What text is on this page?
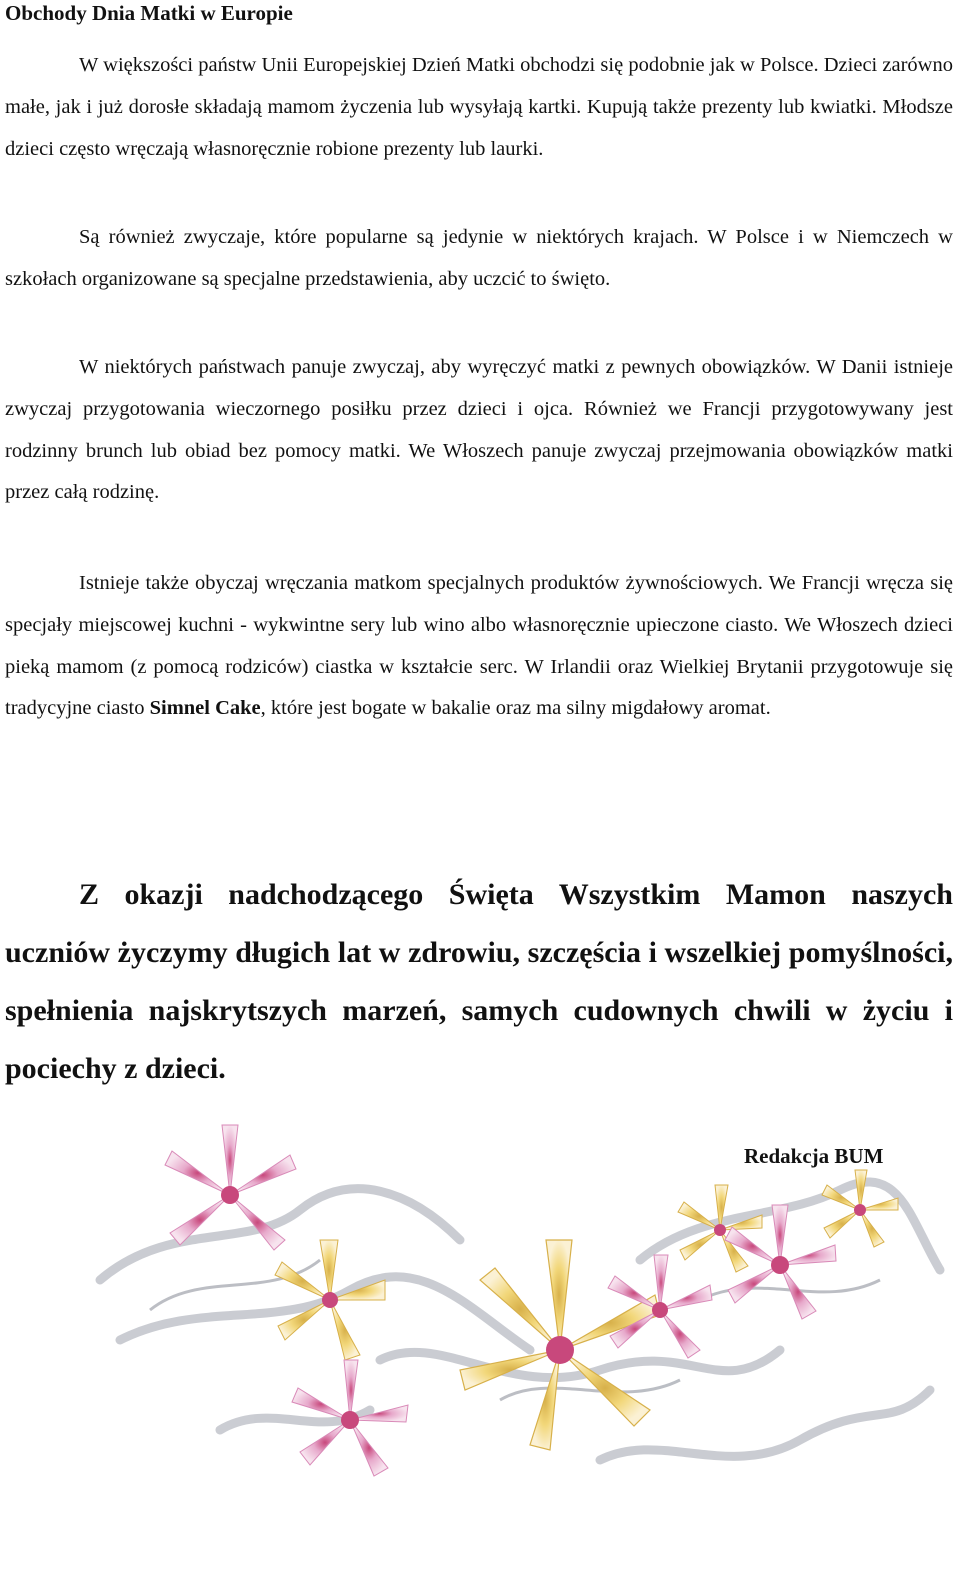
Obchody Dnia Matki w Europie

W większości państw Unii Europejskiej Dzień Matki obchodzi się podobnie jak w Polsce. Dzieci zarówno małe, jak i już dorosłe składają mamom życzenia lub wysyłają kartki. Kupują także prezenty lub kwiatki. Młodsze dzieci często wręczają własnoręcznie robione prezenty lub laurki.

Są również zwyczaje, które popularne są jedynie w niektórych krajach. W Polsce i w Niemczech w szkołach organizowane są specjalne przedstawienia, aby uczcić to święto.

W niektórych państwach panuje zwyczaj, aby wyręczyć matki z pewnych obowiązków. W Danii istnieje zwyczaj przygotowania wieczornego posiłku przez dzieci i ojca. Również we Francji przygotowywany jest rodzinny brunch lub obiad bez pomocy matki. We Włoszech panuje zwyczaj przejmowania obowiązków matki przez całą rodzinę.

Istnieje także obyczaj wręczania matkom specjalnych produktów żywnościowych. We Francji wręcza się specjały miejscowej kuchni - wykwintne sery lub wino albo własnoręcznie upieczone ciasto. We Włoszech dzieci pieką mamom (z pomocą rodziców) ciastka w kształcie serc. W Irlandii oraz Wielkiej Brytanii przygotowuje się tradycyjne ciasto Simnel Cake, które jest bogate w bakalie oraz ma silny migdałowy aromat.

Z okazji nadchodzącego Święta Wszystkim Mamon naszych uczniów życzymy długich lat w zdrowiu, szczęścia i wszelkiej pomyślności, spełnienia najskrytszych marzeń, samych cudownych chwili w życiu i pociechy z dzieci.

Redakcja BUM
